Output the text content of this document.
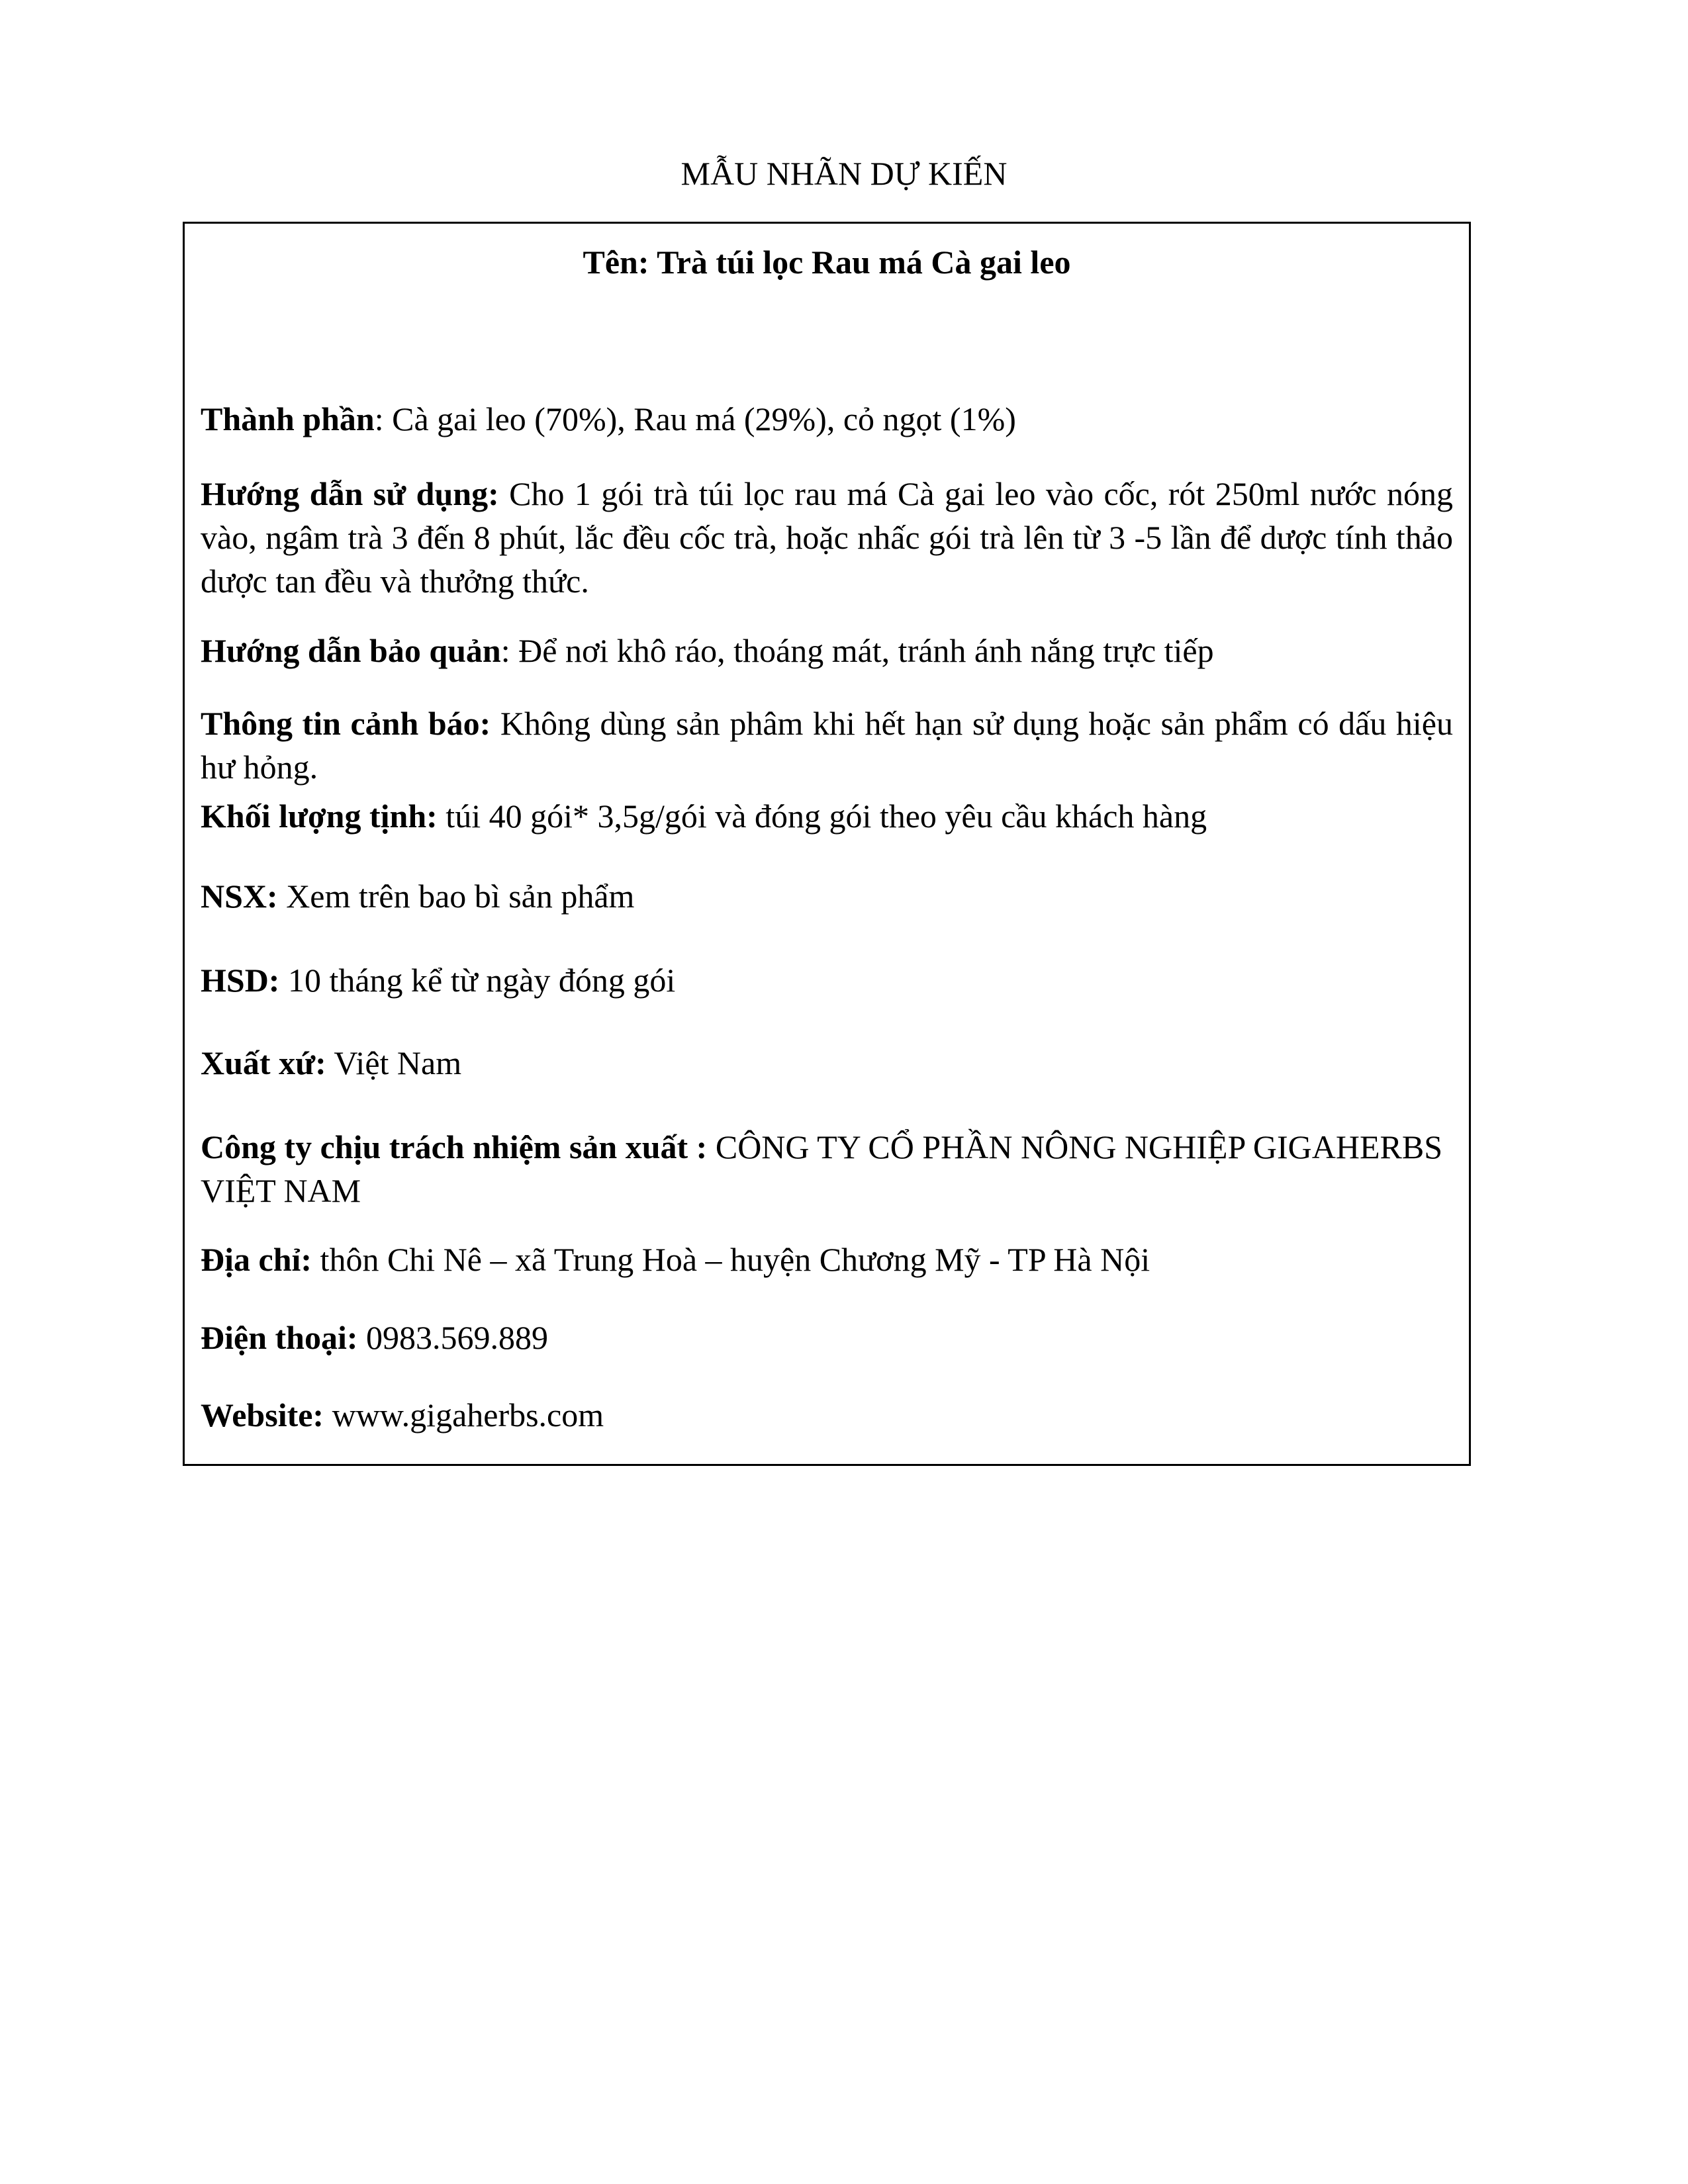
MẪU NHÃN DỰ KIẾN
Tên: Trà túi lọc Rau má Cà gai leo
Thành phần: Cà gai leo (70%), Rau má (29%), cỏ ngọt (1%)
Hướng dẫn sử dụng: Cho 1 gói trà túi lọc rau má Cà gai leo vào cốc, rót 250ml nước nóng vào, ngâm trà 3 đến 8 phút, lắc đều cốc trà, hoặc nhấc gói trà lên từ 3 -5 lần để dược tính thảo dược tan đều và thưởng thức.
Hướng dẫn bảo quản: Để nơi khô ráo, thoáng mát, tránh ánh nắng trực tiếp
Thông tin cảnh báo: Không dùng sản phâm khi hết hạn sử dụng hoặc sản phẩm có dấu hiệu hư hỏng.
Khối lượng tịnh: túi 40 gói* 3,5g/gói và đóng gói theo yêu cầu khách hàng
NSX: Xem trên bao bì sản phẩm
HSD: 10 tháng kể từ ngày đóng gói
Xuất xứ: Việt Nam
Công ty chịu trách nhiệm sản xuất : CÔNG TY CỔ PHẦN NÔNG NGHIỆP GIGAHERBS VIỆT NAM
Địa chỉ: thôn Chi Nê – xã Trung Hoà – huyện Chương Mỹ - TP Hà Nội
Điện thoại: 0983.569.889
Website: www.gigaherbs.com
